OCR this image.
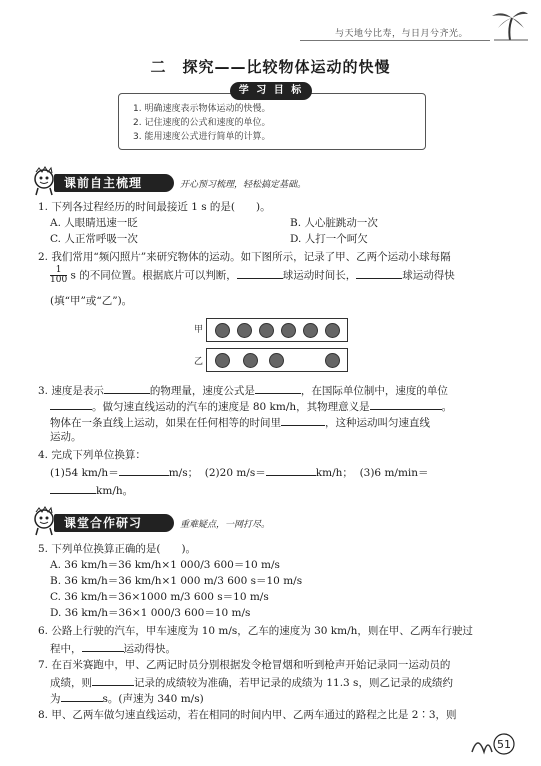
与天地兮比寿，与日月兮齐光。
二　探究——比较物体运动的快慢
1. 明确速度表示物体运动的快慢。
2. 记住速度的公式和速度的单位。
3. 能用速度公式进行简单的计算。
学 习 目 标
课前自主梳理	开心预习梳理，轻松搞定基础。
1. 下列各过程经历的时间最接近 1 s 的是(　　)。
A. 人眼睛迅速一眨	B. 人心脏跳动一次
C. 人正常呼吸一次	D. 人打一个呵欠
2. 我们常用“频闪照片”来研究物体的运动。如下图所示，记录了甲、乙两个运动小球每隔
$\frac{1}{100}$ s 的不同位置。根据底片可以判断，	球运动时间长，	球运动得快
(填“甲”或“乙”)。
甲
乙
3. 速度是表示	的物理量，速度公式是	，在国际单位制中，速度的单位
。做匀速直线运动的汽车的速度是 80 km/h，其物理意义是	。
物体在一条直线上运动，如果在任何相等的时间里	，这种运动叫匀速直线
运动。
4. 完成下列单位换算：
(1)54 km/h＝	m/s； (2)20 m/s＝	km/h； (3)6 m/min＝
km/h。
课堂合作研习	重难疑点，一网打尽。
5. 下列单位换算正确的是(　　)。
A. 36 km/h＝36 km/h×1 000/3 600＝10 m/s
B. 36 km/h＝36 km/h×1 000 m/3 600 s＝10 m/s
C. 36 km/h＝36×1000 m/3 600 s＝10 m/s
D. 36 km/h＝36×1 000/3 600＝10 m/s
6. 公路上行驶的汽车，甲车速度为 10 m/s，乙车的速度为 30 km/h，则在甲、乙两车行驶过
程中，	运动得快。
7. 在百米赛跑中，甲、乙两记时员分别根据发令枪冒烟和听到枪声开始记录同一运动员的
成绩，则	记录的成绩较为准确，若甲记录的成绩为 11.3 s，则乙记录的成绩约
为	s。(声速为 340 m/s)
8. 甲、乙两车做匀速直线运动，若在相同的时间内甲、乙两车通过的路程之比是 2∶3，则
51
